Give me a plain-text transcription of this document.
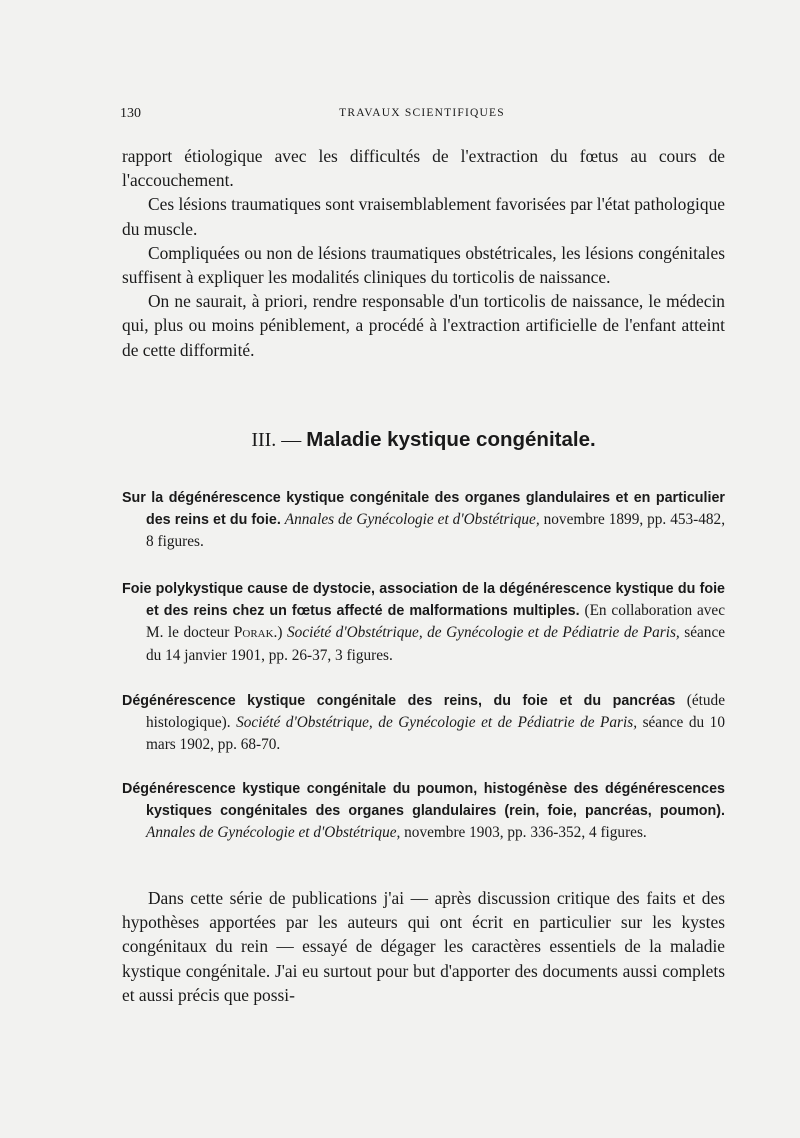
130	TRAVAUX SCIENTIFIQUES

rapport étiologique avec les difficultés de l'extraction du fœtus au cours de l'accouchement.

Ces lésions traumatiques sont vraisemblablement favorisées par l'état pathologique du muscle.

Compliquées ou non de lésions traumatiques obstétricales, les lésions congénitales suffisent à expliquer les modalités cliniques du torticolis de naissance.

On ne saurait, à priori, rendre responsable d'un torticolis de naissance, le médecin qui, plus ou moins péniblement, a procédé à l'extraction artificielle de l'enfant atteint de cette difformité.

III. — Maladie kystique congénitale.
Sur la dégénérescence kystique congénitale des organes glandulaires et en particulier des reins et du foie. Annales de Gynécologie et d'Obstétrique, novembre 1899, pp. 453-482, 8 figures.
Foie polykystique cause de dystocie, association de la dégénérescence kystique du foie et des reins chez un fœtus affecté de malformations multiples. (En collaboration avec M. le docteur Porak.) Société d'Obstétrique, de Gynécologie et de Pédiatrie de Paris, séance du 14 janvier 1901, pp. 26-37, 3 figures.
Dégénérescence kystique congénitale des reins, du foie et du pancréas (étude histologique). Société d'Obstétrique, de Gynécologie et de Pédiatrie de Paris, séance du 10 mars 1902, pp. 68-70.
Dégénérescence kystique congénitale du poumon, histogénèse des dégénérescences kystiques congénitales des organes glandulaires (rein, foie, pancréas, poumon). Annales de Gynécologie et d'Obstétrique, novembre 1903, pp. 336-352, 4 figures.

Dans cette série de publications j'ai — après discussion critique des faits et des hypothèses apportées par les auteurs qui ont écrit en particulier sur les kystes congénitaux du rein — essayé de dégager les caractères essentiels de la maladie kystique congénitale. J'ai eu surtout pour but d'apporter des documents aussi complets et aussi précis que possi-
